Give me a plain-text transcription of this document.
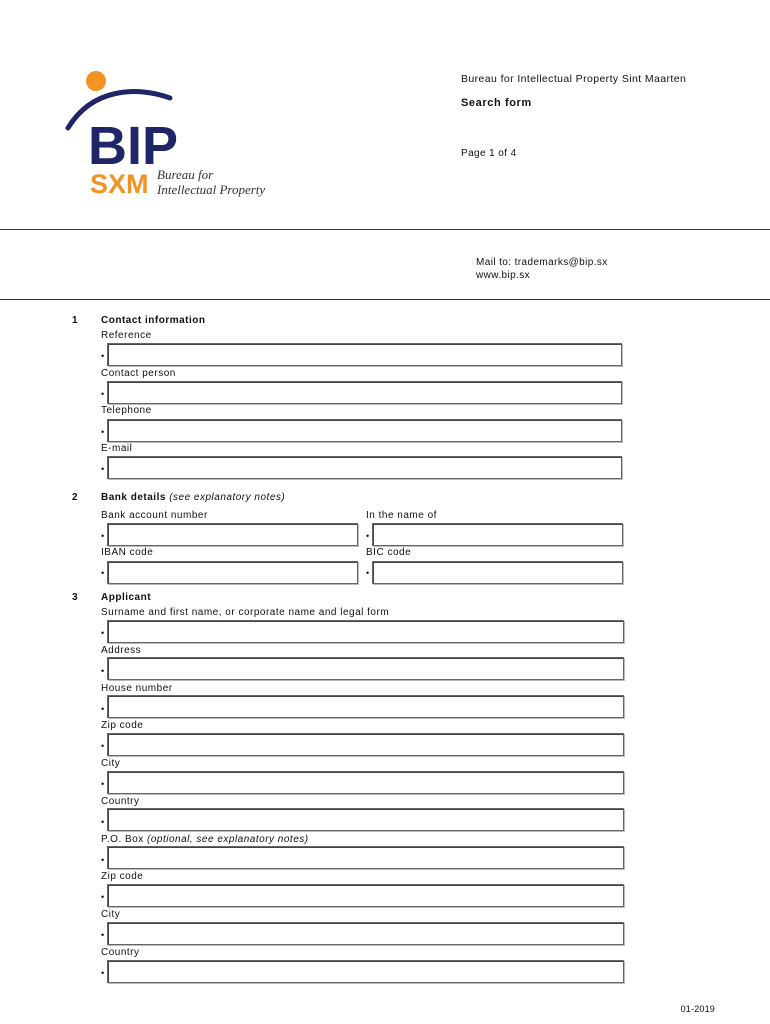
BIP
SXM Bureau for
Intellectual Property
Bureau for Intellectual Property Sint Maarten
Search form
Page 1 of 4
Mail to: trademarks@bip.sx
www.bip.sx
1 Contact information
Reference
•
Contact person
•
Telephone
•
E-mail
•
2 Bank details (see explanatory notes)
Bank account number
•
In the name of
•
IBAN code
•
BIC code
•
3 Applicant
Surname and first name, or corporate name and legal form
•
Address
•
House number
•
Zip code
•
City
•
Country
•
P.O. Box (optional, see explanatory notes)
•
Zip code
•
City
•
Country
•
01-2019
